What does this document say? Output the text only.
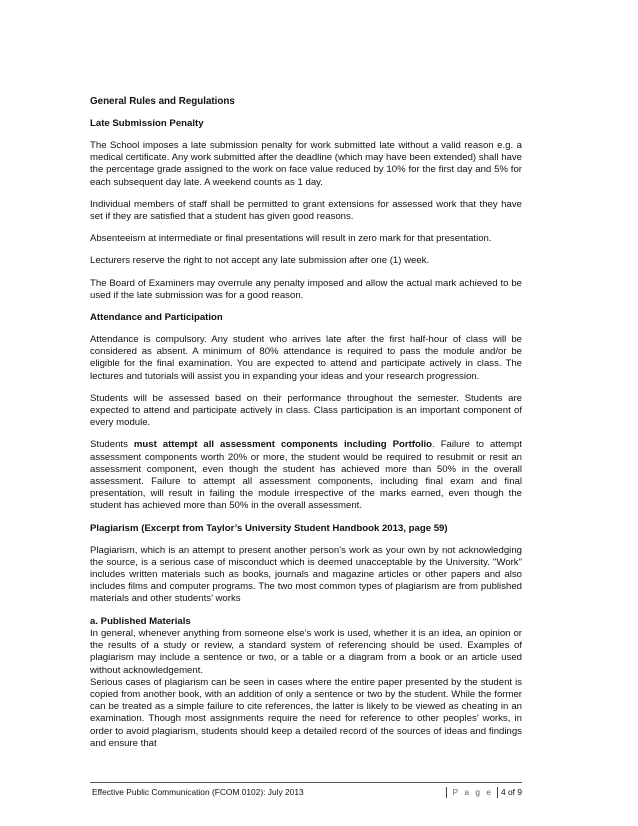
General Rules and Regulations
Late Submission Penalty

The School imposes a late submission penalty for work submitted late without a valid reason e.g. a medical certificate. Any work submitted after the deadline (which may have been extended) shall have the percentage grade assigned to the work on face value reduced by 10% for the first day and 5% for each subsequent day late. A weekend counts as 1 day.

Individual members of staff shall be permitted to grant extensions for assessed work that they have set if they are satisfied that a student has given good reasons.

Absenteeism at intermediate or final presentations will result in zero mark for that presentation.

Lecturers reserve the right to not accept any late submission after one (1) week.

The Board of Examiners may overrule any penalty imposed and allow the actual mark achieved to be used if the late submission was for a good reason.

Attendance and Participation

Attendance is compulsory. Any student who arrives late after the first half-hour of class will be considered as absent. A minimum of 80% attendance is required to pass the module and/or be eligible for the final examination. You are expected to attend and participate actively in class. The lectures and tutorials will assist you in expanding your ideas and your research progression.

Students will be assessed based on their performance throughout the semester. Students are expected to attend and participate actively in class. Class participation is an important component of every module.

Students must attempt all assessment components including Portfolio. Failure to attempt assessment components worth 20% or more, the student would be required to resubmit or resit an assessment component, even though the student has achieved more than 50% in the overall assessment. Failure to attempt all assessment components, including final exam and final presentation, will result in failing the module irrespective of the marks earned, even though the student has achieved more than 50% in the overall assessment.

Plagiarism (Excerpt from Taylor’s University Student Handbook 2013, page 59)

Plagiarism, which is an attempt to present another person’s work as your own by not acknowledging the source, is a serious case of misconduct which is deemed unacceptable by the University. "Work" includes written materials such as books, journals and magazine articles or other papers and also includes films and computer programs. The two most common types of plagiarism are from published materials and other students’ works

a. Published Materials

In general, whenever anything from someone else’s work is used, whether it is an idea, an opinion or the results of a study or review, a standard system of referencing should be used. Examples of plagiarism may include a sentence or two, or a table or a diagram from a book or an article used without acknowledgement.

Serious cases of plagiarism can be seen in cases where the entire paper presented by the student is copied from another book, with an addition of only a sentence or two by the student. While the former can be treated as a simple failure to cite references, the latter is likely to be viewed as cheating in an examination. Though most assignments require the need for reference to other peoples’ works, in order to avoid plagiarism, students should keep a detailed record of the sources of ideas and findings and ensure that

Effective Public Communication (FCOM 0102): July 2013	P a g e 4 of 9
